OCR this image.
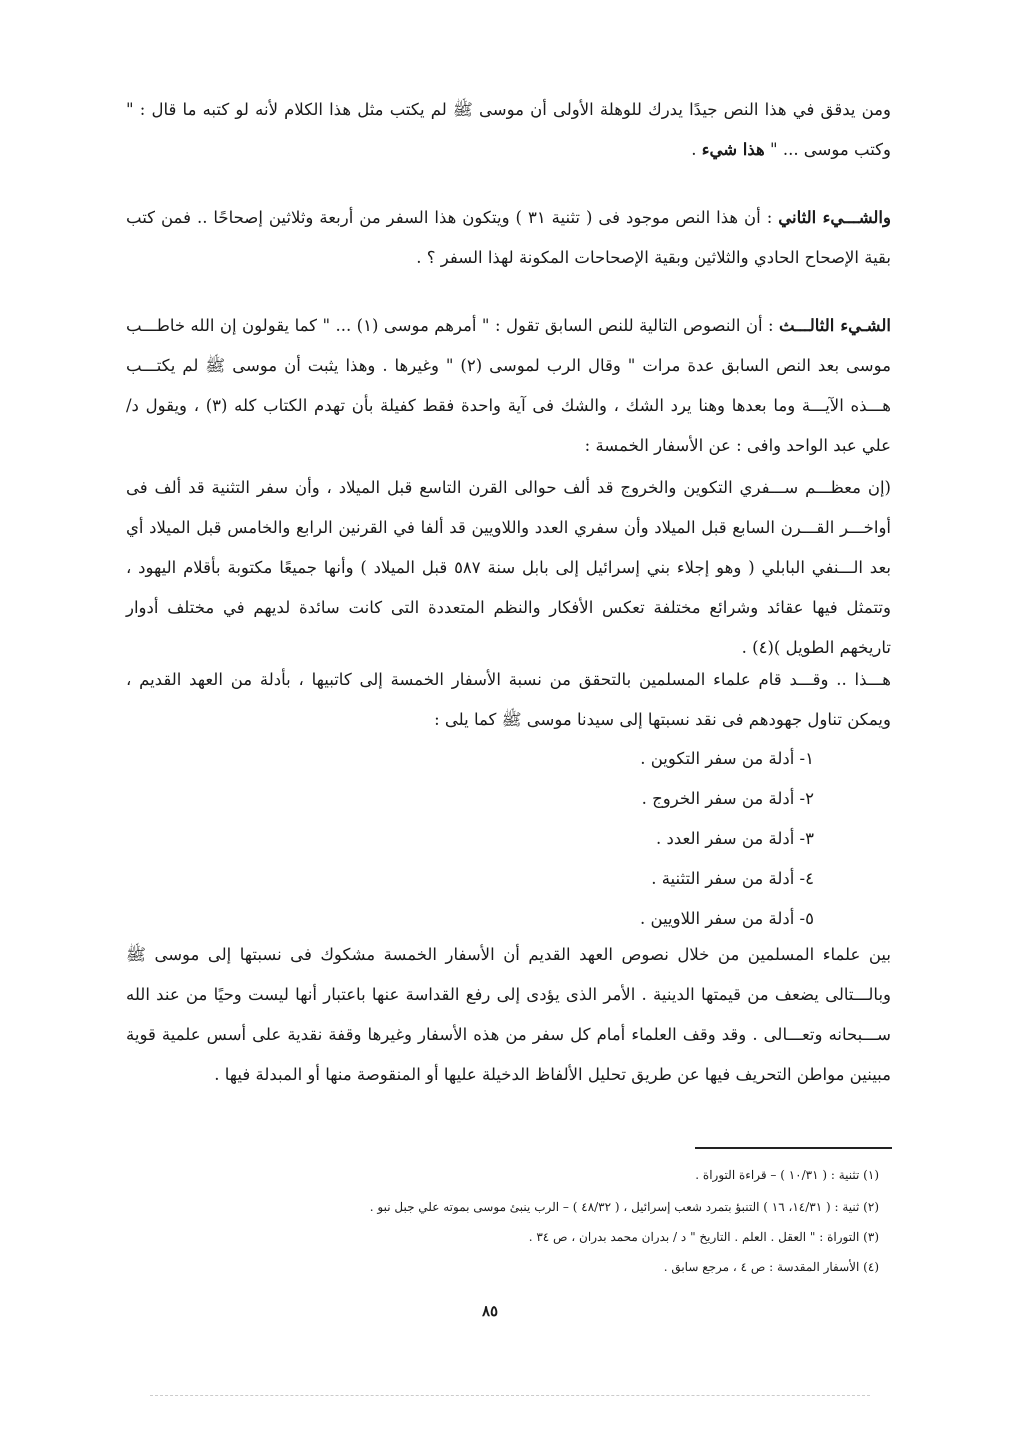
ومن يدقق في هذا النص جيدًا يدرك للوهلة الأولى أن موسى ﷺ لم يكتب مثل هذا الكلام لأنه لو كتبه ما قال : " وكتب موسى ... " هذا شيء .

والشـــيء الثاني : أن هذا النص موجود فى ( تثنية ٣١ ) ويتكون هذا السفر من أربعة وثلاثين إصحاحًا .. فمن كتب بقية الإصحاح الحادي والثلاثين وبقية الإصحاحات المكونة لهذا السفر ؟ .

الشـيء الثالـــث : أن النصوص التالية للنص السابق تقول : " أمرهم موسى (١) ... " كما يقولون إن الله خاطـــب موسى بعد النص السابق عدة مرات " وقال الرب لموسى (٢) " وغيرها . وهذا يثبت أن موسى ﷺ لم يكتـــب هـــذه الآيـــة وما بعدها وهنا يرد الشك ، والشك فى آية واحدة فقط كفيلة بأن تهدم الكتاب كله (٣) ، ويقول د/ علي عبد الواحد وافى : عن الأسفار الخمسة :

(إن معظـــم ســـفري التكوين والخروج قد ألف حوالى القرن التاسع قبل الميلاد ، وأن سفر التثنية قد ألف فى أواخـــر القـــرن السابع قبل الميلاد وأن سفري العدد واللاويين قد ألفا في القرنين الرابع والخامس قبل الميلاد أي بعد الـــنفي البابلي ( وهو إجلاء بني إسرائيل إلى بابل سنة ٥٨٧ قبل الميلاد ) وأنها جميعًا مكتوبة بأقلام اليهود ، وتتمثل فيها عقائد وشرائع مختلفة تعكس الأفكار والنظم المتعددة التى كانت سائدة لديهم في مختلف أدوار تاريخهم الطويل )(٤) .

هـــذا .. وقـــد قام علماء المسلمين بالتحقق من نسبة الأسفار الخمسة إلى كاتبيها ، بأدلة من العهد القديم ، ويمكن تناول جهودهم فى نقد نسبتها إلى سيدنا موسى ﷺ كما يلى :

١- أدلة من سفر التكوين .
٢- أدلة من سفر الخروج .
٣- أدلة من سفر العدد .
٤- أدلة من سفر التثنية .
٥- أدلة من سفر اللاويين .

بين علماء المسلمين من خلال نصوص العهد القديم أن الأسفار الخمسة مشكوك فى نسبتها إلى موسى ﷺ وبالـــتالى يضعف من قيمتها الدينية . الأمر الذى يؤدى إلى رفع القداسة عنها باعتبار أنها ليست وحيًا من عند الله ســـبحانه وتعـــالى . وقد وقف العلماء أمام كل سفر من هذه الأسفار وغيرها وقفة نقدية على أسس علمية قوية مبينين مواطن التحريف فيها عن طريق تحليل الألفاظ الدخيلة عليها أو المنقوصة منها أو المبدلة فيها .

(١) تثنية : ( ١٠/٣١ ) – قراءة التوراة .

(٢) ثنية : ( ١٤/٣١، ١٦ ) التنبؤ بتمرد شعب إسرائيل ، ( ٤٨/٣٢ ) – الرب ينبئ موسى بموته علي جبل نبو .

(٣) التوراة : " العقل . العلم . التاريخ " د / بدران محمد بدران ، ص ٣٤ .

(٤) الأسفار المقدسة : ص ٤ ، مرجع سابق .

٨٥
